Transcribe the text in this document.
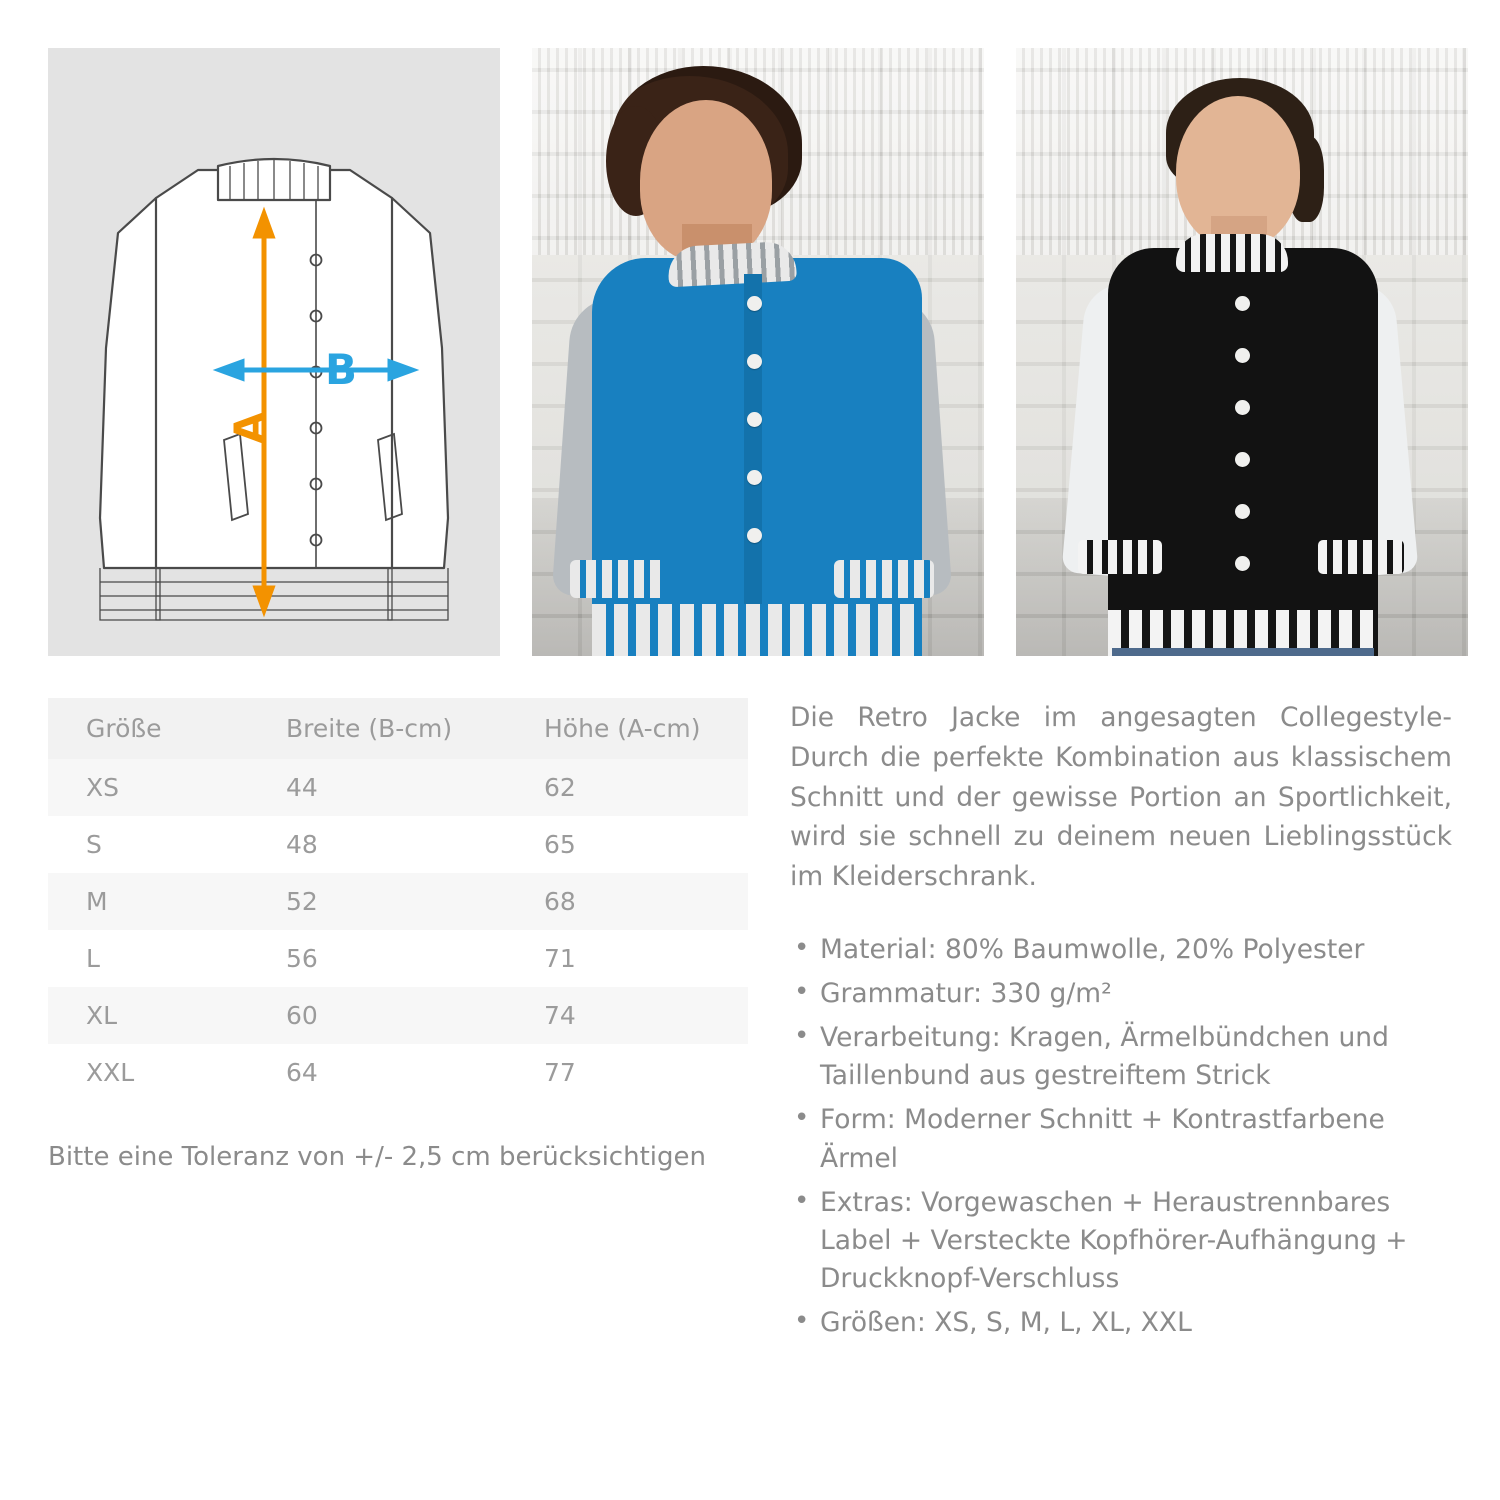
A
B
Größe	Breite (B-cm)	Höhe (A-cm)
XS	44	62
S	48	65
M	52	68
L	56	71
XL	60	74
XXL	64	77
Bitte eine Toleranz von +/- 2,5 cm berücksichtigen

Die Retro Jacke im angesagten Collegestyle- Durch die perfekte Kombination aus klassischem Schnitt und der gewisse Portion an Sportlichkeit, wird sie schnell zu deinem neuen Lieblingsstück im Kleiderschrank.

• Material: 80% Baumwolle, 20% Polyester
• Grammatur: 330 g/m²
• Verarbeitung: Kragen, Ärmelbündchen und Taillenbund aus gestreiftem Strick
• Form: Moderner Schnitt + Kontrastfarbene Ärmel
• Extras: Vorgewaschen + Heraustrennbares Label + Versteckte Kopfhörer-Aufhängung + Druckknopf-Verschluss
• Größen: XS, S, M, L, XL, XXL
